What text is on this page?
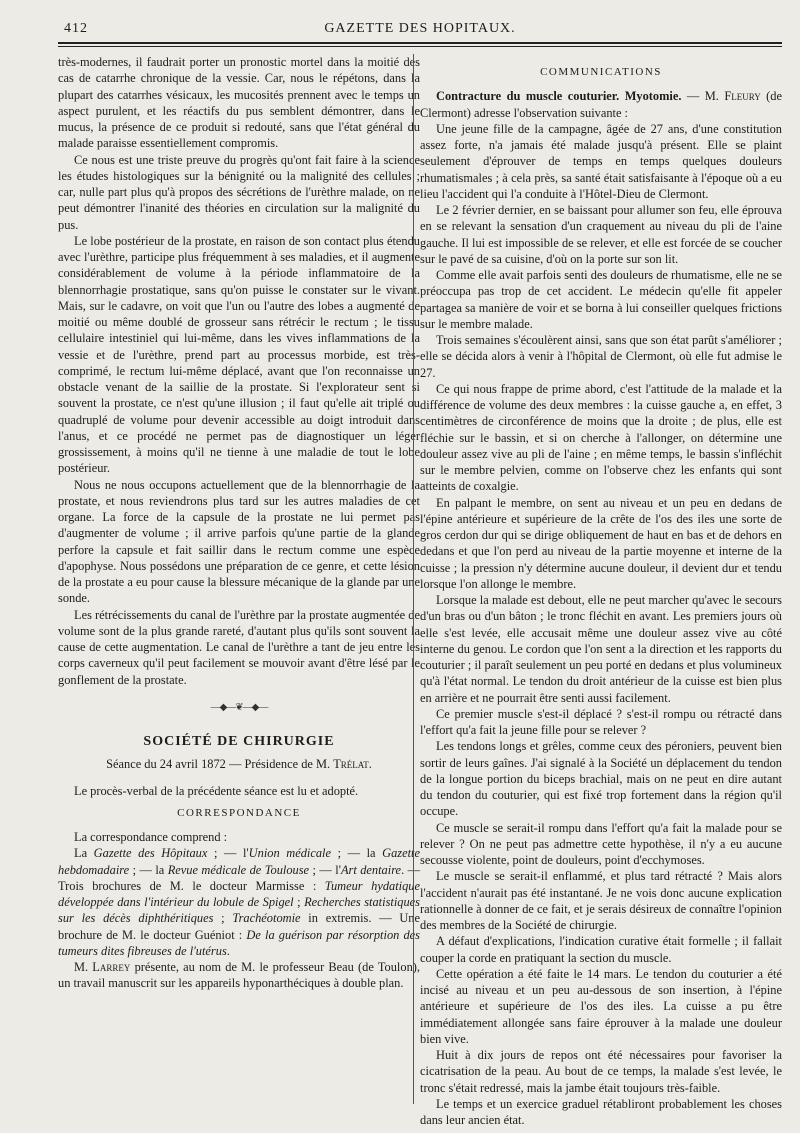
412	GAZETTE DES HOPITAUX.

très-modernes, il faudrait porter un pronostic mortel dans la moitié des cas de catarrhe chronique de la vessie. Car, nous le répétons, dans la plupart des catarrhes vésicaux, les mucosités prennent avec le temps un aspect purulent, et les réactifs du pus semblent démontrer, dans le mucus, la présence de ce produit si redouté, sans que l'état général du malade paraisse essentiellement compromis.

Ce nous est une triste preuve du progrès qu'ont fait faire à la science les études histologiques sur la bénignité ou la malignité des cellules ; car, nulle part plus qu'à propos des sécrétions de l'urèthre malade, on ne peut démontrer l'inanité des théories en circulation sur la malignité du pus.

Le lobe postérieur de la prostate, en raison de son contact plus étendu avec l'urèthre, participe plus fréquemment à ses maladies, et il augmente considérablement de volume à la période inflammatoire de la blennorrhagie prostatique, sans qu'on puisse le constater sur le vivant. Mais, sur le cadavre, on voit que l'un ou l'autre des lobes a augmenté de moitié ou même doublé de grosseur sans rétrécir le rectum ; le tissu cellulaire intestiniel qui lui-même, dans les vives inflammations de la vessie et de l'urèthre, prend part au processus morbide, est très-comprimé, le rectum lui-même déplacé, avant que l'on reconnaisse un obstacle venant de la saillie de la prostate. Si l'explorateur sent si souvent la prostate, ce n'est qu'une illusion ; il faut qu'elle ait triplé ou quadruplé de volume pour devenir accessible au doigt introduit dans l'anus, et ce procédé ne permet pas de diagnostiquer un léger grossissement, à moins qu'il ne tienne à une maladie de tout le lobe postérieur.

Nous ne nous occupons actuellement que de la blennorrhagie de la prostate, et nous reviendrons plus tard sur les autres maladies de cet organe. La force de la capsule de la prostate ne lui permet pas d'augmenter de volume ; il arrive parfois qu'une partie de la glande perfore la capsule et fait saillir dans le rectum comme une espèce d'apophyse. Nous possédons une préparation de ce genre, et cette lésion de la prostate a eu pour cause la blessure mécanique de la glande par une sonde.

Les rétrécissements du canal de l'urèthre par la prostate augmentée de volume sont de la plus grande rareté, d'autant plus qu'ils sont souvent la cause de cette augmentation. Le canal de l'urèthre a tant de jeu entre les corps caverneux qu'il peut facilement se mouvoir avant d'être lésé par le gonflement de la prostate.

—◆—❦—◆—
SOCIÉTÉ DE CHIRURGIE
Séance du 24 avril 1872 — Présidence de M. Trélat.

Le procès-verbal de la précédente séance est lu et adopté.

CORRESPONDANCE

La correspondance comprend :

La Gazette des Hôpitaux ; — l'Union médicale ; — la Gazette hebdomadaire ; — la Revue médicale de Toulouse ; — l'Art dentaire. — Trois brochures de M. le docteur Marmisse : Tumeur hydatique développée dans l'intérieur du lobule de Spigel ; Recherches statistiques sur les décès diphthéritiques ; Trachéotomie in extremis. — Une brochure de M. le docteur Guéniot : De la guérison par résorption des tumeurs dites fibreuses de l'utérus.

M. Larrey présente, au nom de M. le professeur Beau (de Toulon), un travail manuscrit sur les appareils hyponarthéciques à double plan.

COMMUNICATIONS

Contracture du muscle couturier. Myotomie. — M. Fleury (de Clermont) adresse l'observation suivante :

Une jeune fille de la campagne, âgée de 27 ans, d'une constitution assez forte, n'a jamais été malade jusqu'à présent. Elle se plaint seulement d'éprouver de temps en temps quelques douleurs rhumatismales ; à cela près, sa santé était satisfaisante à l'époque où a eu lieu l'accident qui l'a conduite à l'Hôtel-Dieu de Clermont.

Le 2 février dernier, en se baissant pour allumer son feu, elle éprouva en se relevant la sensation d'un craquement au niveau du pli de l'aine gauche. Il lui est impossible de se relever, et elle est forcée de se coucher sur le pavé de sa cuisine, d'où on la porte sur son lit.

Comme elle avait parfois senti des douleurs de rhumatisme, elle ne se préoccupa pas trop de cet accident. Le médecin qu'elle fit appeler partagea sa manière de voir et se borna à lui conseiller quelques frictions sur le membre malade.

Trois semaines s'écoulèrent ainsi, sans que son état parût s'améliorer ; elle se décida alors à venir à l'hôpital de Clermont, où elle fut admise le 27.

Ce qui nous frappe de prime abord, c'est l'attitude de la malade et la différence de volume des deux membres : la cuisse gauche a, en effet, 3 centimètres de circonférence de moins que la droite ; de plus, elle est fléchie sur le bassin, et si on cherche à l'allonger, on détermine une douleur assez vive au pli de l'aine ; en même temps, le bassin s'infléchit sur le membre pelvien, comme on l'observe chez les enfants qui sont atteints de coxalgie.

En palpant le membre, on sent au niveau et un peu en dedans de l'épine antérieure et supérieure de la crête de l'os des iles une sorte de gros cerdon dur qui se dirige obliquement de haut en bas et de dehors en dedans et que l'on perd au niveau de la partie moyenne et interne de la cuisse ; la pression n'y détermine aucune douleur, il devient dur et tendu lorsque l'on allonge le membre.

Lorsque la malade est debout, elle ne peut marcher qu'avec le secours d'un bras ou d'un bâton ; le tronc fléchit en avant. Les premiers jours où elle s'est levée, elle accusait même une douleur assez vive au côté interne du genou. Le cordon que l'on sent a la direction et les rapports du couturier ; il paraît seulement un peu porté en dedans et plus volumineux qu'à l'état normal. Le tendon du droit antérieur de la cuisse est bien plus en arrière et ne pourrait être senti aussi facilement.

Ce premier muscle s'est-il déplacé ? s'est-il rompu ou rétracté dans l'effort qu'a fait la jeune fille pour se relever ?

Les tendons longs et grêles, comme ceux des péroniers, peuvent bien sortir de leurs gaînes. J'ai signalé à la Société un déplacement du tendon de la longue portion du biceps brachial, mais on ne peut en dire autant du tendon du couturier, qui est fixé trop fortement dans la région qu'il occupe.

Ce muscle se serait-il rompu dans l'effort qu'a fait la malade pour se relever ? On ne peut pas admettre cette hypothèse, il n'y a eu aucune secousse violente, point de douleurs, point d'ecchymoses.

Le muscle se serait-il enflammé, et plus tard rétracté ? Mais alors l'accident n'aurait pas été instantané. Je ne vois donc aucune explication rationnelle à donner de ce fait, et je serais désireux de connaître l'opinion des membres de la Société de chirurgie.

A défaut d'explications, l'indication curative était formelle ; il fallait couper la corde en pratiquant la section du muscle.

Cette opération a été faite le 14 mars. Le tendon du couturier a été incisé au niveau et un peu au-dessous de son insertion, à l'épine antérieure et supérieure de l'os des iles. La cuisse a pu être immédiatement allongée sans faire éprouver à la malade une douleur bien vive.

Huit à dix jours de repos ont été nécessaires pour favoriser la cicatrisation de la peau. Au bout de ce temps, la malade s'est levée, le tronc s'était redressé, mais la jambe était toujours très-faible.

Le temps et un exercice graduel rétabliront probablement les choses dans leur ancien état.
